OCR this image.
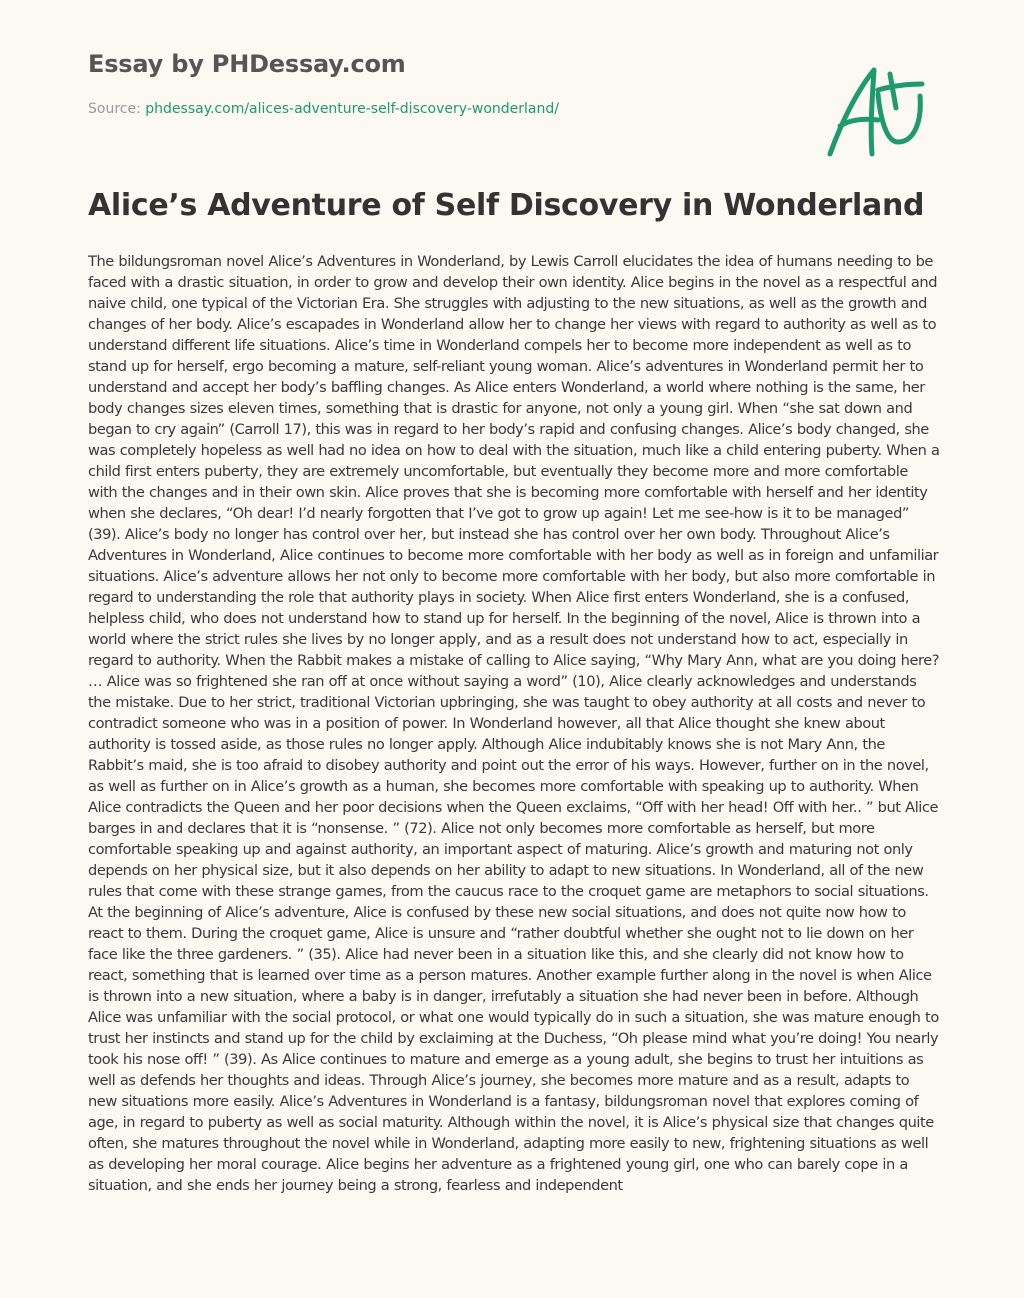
Essay by PHDessay.com
Source: phdessay.com/alices-adventure-self-discovery-wonderland/
Alice’s Adventure of Self Discovery in Wonderland

The bildungsroman novel Alice’s Adventures in Wonderland, by Lewis Carroll elucidates the idea of humans needing to be faced with a drastic situation, in order to grow and develop their own identity. Alice begins in the novel as a respectful and naive child, one typical of the Victorian Era. She struggles with adjusting to the new situations, as well as the growth and changes of her body. Alice’s escapades in Wonderland allow her to change her views with regard to authority as well as to understand different life situations. Alice’s time in Wonderland compels her to become more independent as well as to stand up for herself, ergo becoming a mature, self-reliant young woman. Alice’s adventures in Wonderland permit her to understand and accept her body’s baffling changes. As Alice enters Wonderland, a world where nothing is the same, her body changes sizes eleven times, something that is drastic for anyone, not only a young girl. When “she sat down and began to cry again” (Carroll 17), this was in regard to her body’s rapid and confusing changes. Alice’s body changed, she was completely hopeless as well had no idea on how to deal with the situation, much like a child entering puberty. When a child first enters puberty, they are extremely uncomfortable, but eventually they become more and more comfortable with the changes and in their own skin. Alice proves that she is becoming more comfortable with herself and her identity when she declares, “Oh dear! I’d nearly forgotten that I’ve got to grow up again! Let me see-how is it to be managed” (39). Alice’s body no longer has control over her, but instead she has control over her own body. Throughout Alice’s Adventures in Wonderland, Alice continues to become more comfortable with her body as well as in foreign and unfamiliar situations. Alice’s adventure allows her not only to become more comfortable with her body, but also more comfortable in regard to understanding the role that authority plays in society. When Alice first enters Wonderland, she is a confused, helpless child, who does not understand how to stand up for herself. In the beginning of the novel, Alice is thrown into a world where the strict rules she lives by no longer apply, and as a result does not understand how to act, especially in regard to authority. When the Rabbit makes a mistake of calling to Alice saying, “Why Mary Ann, what are you doing here? … Alice was so frightened she ran off at once without saying a word” (10), Alice clearly acknowledges and understands the mistake. Due to her strict, traditional Victorian upbringing, she was taught to obey authority at all costs and never to contradict someone who was in a position of power. In Wonderland however, all that Alice thought she knew about authority is tossed aside, as those rules no longer apply. Although Alice indubitably knows she is not Mary Ann, the Rabbit’s maid, she is too afraid to disobey authority and point out the error of his ways. However, further on in the novel, as well as further on in Alice’s growth as a human, she becomes more comfortable with speaking up to authority. When Alice contradicts the Queen and her poor decisions when the Queen exclaims, “Off with her head! Off with her.. ” but Alice barges in and declares that it is “nonsense. ” (72). Alice not only becomes more comfortable as herself, but more comfortable speaking up and against authority, an important aspect of maturing. Alice’s growth and maturing not only depends on her physical size, but it also depends on her ability to adapt to new situations. In Wonderland, all of the new rules that come with these strange games, from the caucus race to the croquet game are metaphors to social situations. At the beginning of Alice’s adventure, Alice is confused by these new social situations, and does not quite now how to react to them. During the croquet game, Alice is unsure and “rather doubtful whether she ought not to lie down on her face like the three gardeners. ” (35). Alice had never been in a situation like this, and she clearly did not know how to react, something that is learned over time as a person matures. Another example further along in the novel is when Alice is thrown into a new situation, where a baby is in danger, irrefutably a situation she had never been in before. Although Alice was unfamiliar with the social protocol, or what one would typically do in such a situation, she was mature enough to trust her instincts and stand up for the child by exclaiming at the Duchess, “Oh please mind what you’re doing! You nearly took his nose off! ” (39). As Alice continues to mature and emerge as a young adult, she begins to trust her intuitions as well as defends her thoughts and ideas. Through Alice’s journey, she becomes more mature and as a result, adapts to new situations more easily. Alice’s Adventures in Wonderland is a fantasy, bildungsroman novel that explores coming of age, in regard to puberty as well as social maturity. Although within the novel, it is Alice’s physical size that changes quite often, she matures throughout the novel while in Wonderland, adapting more easily to new, frightening situations as well as developing her moral courage. Alice begins her adventure as a frightened young girl, one who can barely cope in a situation, and she ends her journey being a strong, fearless and independent
